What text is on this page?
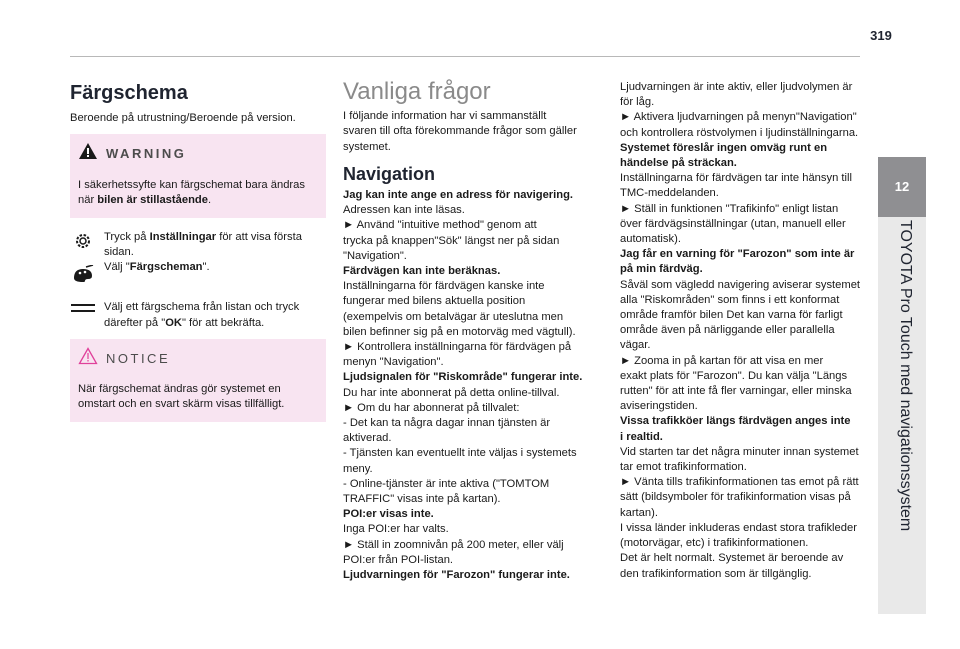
319
12
TOYOTA Pro Touch med navigationssystem
Färgschema

Beroende på utrustning/Beroende på version.

WARNING
I säkerhetssyfte kan färgschemat bara ändras
när bilen är stillastående.
Tryck på Inställningar för att visa första
sidan.
Välj "Färgscheman".
Välj ett färgschema från listan och tryck
därefter på "OK" för att bekräfta.
NOTICE
När färgschemat ändras gör systemet en
omstart och en svart skärm visas tillfälligt.
Vanliga frågor

I följande information har vi sammanställt
svaren till ofta förekommande frågor som gäller
systemet.

Navigation
Jag kan inte ange en adress för navigering.
Adressen kan inte läsas.
► Använd "intuitive method" genom att
trycka på knappen"Sök" längst ner på sidan
"Navigation".
Färdvägen kan inte beräknas.
Inställningarna för färdvägen kanske inte
fungerar med bilens aktuella position
(exempelvis om betalvägar är uteslutna men
bilen befinner sig på en motorväg med vägtull).
► Kontrollera inställningarna för färdvägen på
menyn "Navigation".
Ljudsignalen för "Riskområde" fungerar inte.
Du har inte abonnerat på detta online-tillval.
► Om du har abonnerat på tillvalet:
- Det kan ta några dagar innan tjänsten är
aktiverad.
- Tjänsten kan eventuellt inte väljas i systemets
meny.
- Online-tjänster är inte aktiva ("TOMTOM
TRAFFIC" visas inte på kartan).
POI:er visas inte.
Inga POI:er har valts.
► Ställ in zoomnivån på 200 meter, eller välj
POI:er från POI-listan.
Ljudvarningen för "Farozon" fungerar inte.
Ljudvarningen är inte aktiv, eller ljudvolymen är
för låg.
► Aktivera ljudvarningen på menyn"Navigation"
och kontrollera röstvolymen i ljudinställningarna.
Systemet föreslår ingen omväg runt en
händelse på sträckan.
Inställningarna för färdvägen tar inte hänsyn till
TMC-meddelanden.
► Ställ in funktionen "Trafikinfo" enligt listan
över färdvägsinställningar (utan, manuell eller
automatisk).
Jag får en varning för "Farozon" som inte är
på min färdväg.
Såväl som vägledd navigering aviserar systemet
alla "Riskområden" som finns i ett konformat
område framför bilen Det kan varna för farligt
område även på närliggande eller parallella
vägar.
► Zooma in på kartan för att visa en mer
exakt plats för "Farozon". Du kan välja "Längs
rutten" för att inte få fler varningar, eller minska
aviseringstiden.
Vissa trafikköer längs färdvägen anges inte
i realtid.
Vid starten tar det några minuter innan systemet
tar emot trafikinformation.
► Vänta tills trafikinformationen tas emot på rätt
sätt (bildsymboler för trafikinformation visas på
kartan).
I vissa länder inkluderas endast stora trafikleder
(motorvägar, etc) i trafikinformationen.
Det är helt normalt. Systemet är beroende av
den trafikinformation som är tillgänglig.
